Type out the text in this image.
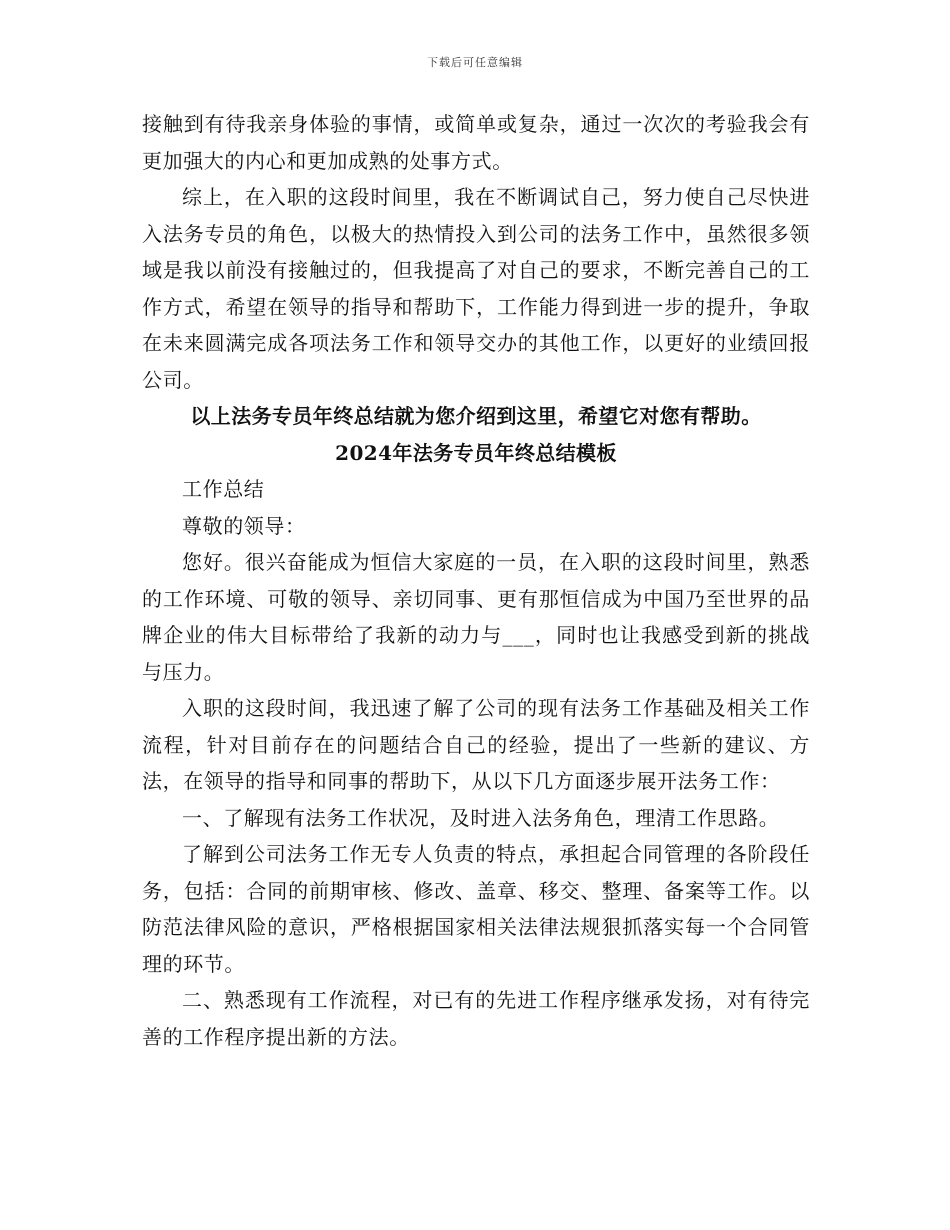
下载后可任意编辑

接触到有待我亲身体验的事情，或简单或复杂，通过一次次的考验我会有更加强大的内心和更加成熟的处事方式。

综上，在入职的这段时间里，我在不断调试自己，努力使自己尽快进入法务专员的角色，以极大的热情投入到公司的法务工作中，虽然很多领域是我以前没有接触过的，但我提高了对自己的要求，不断完善自己的工作方式，希望在领导的指导和帮助下，工作能力得到进一步的提升，争取在未来圆满完成各项法务工作和领导交办的其他工作，以更好的业绩回报公司。

以上法务专员年终总结就为您介绍到这里，希望它对您有帮助。

2024年法务专员年终总结模板

工作总结

尊敬的领导：

您好。很兴奋能成为恒信大家庭的一员，在入职的这段时间里，熟悉的工作环境、可敬的领导、亲切同事、更有那恒信成为中国乃至世界的品牌企业的伟大目标带给了我新的动力与___，同时也让我感受到新的挑战与压力。

入职的这段时间，我迅速了解了公司的现有法务工作基础及相关工作流程，针对目前存在的问题结合自己的经验，提出了一些新的建议、方法，在领导的指导和同事的帮助下，从以下几方面逐步展开法务工作：

一、了解现有法务工作状况，及时进入法务角色，理清工作思路。

了解到公司法务工作无专人负责的特点，承担起合同管理的各阶段任务，包括：合同的前期审核、修改、盖章、移交、整理、备案等工作。以防范法律风险的意识，严格根据国家相关法律法规狠抓落实每一个合同管理的环节。

二、熟悉现有工作流程，对已有的先进工作程序继承发扬，对有待完善的工作程序提出新的方法。
